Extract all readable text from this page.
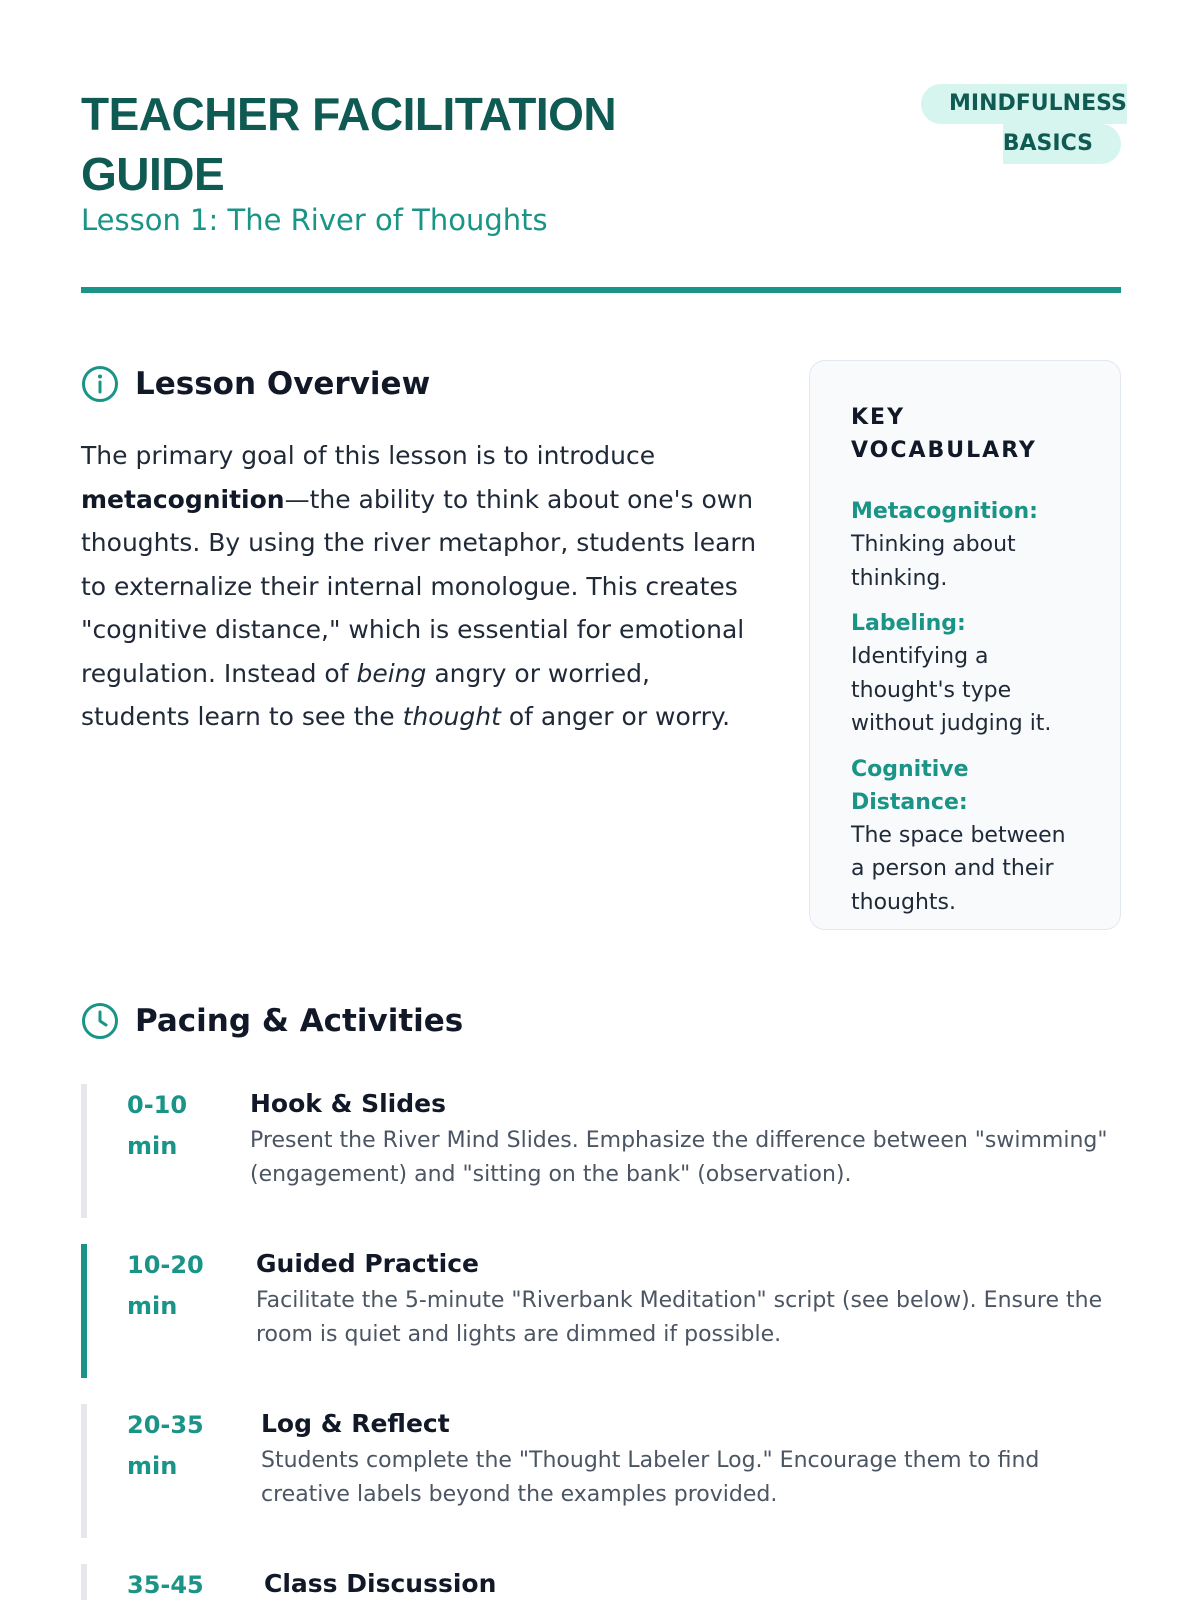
TEACHER FACILITATION GUIDE
Lesson 1: The River of Thoughts
MINDFULNESS
BASICS
Lesson Overview
The primary goal of this lesson is to introduce metacognition—the ability to think about one's own thoughts. By using the river metaphor, students learn to externalize their internal monologue. This creates "cognitive distance," which is essential for emotional regulation. Instead of being angry or worried, students learn to see the thought of anger or worry.
KEY VOCABULARY
Metacognition:
Thinking about thinking.
Labeling:
Identifying a thought's type without judging it.
Cognitive Distance:
The space between a person and their thoughts.
Pacing & Activities
0-10
min
Hook & Slides
Present the River Mind Slides. Emphasize the difference between "swimming" (engagement) and "sitting on the bank" (observation).
10-20
min
Guided Practice
Facilitate the 5-minute "Riverbank Meditation" script (see below). Ensure the room is quiet and lights are dimmed if possible.
20-35
min
Log & Reflect
Students complete the "Thought Labeler Log." Encourage them to find creative labels beyond the examples provided.
35-45	Class Discussion
